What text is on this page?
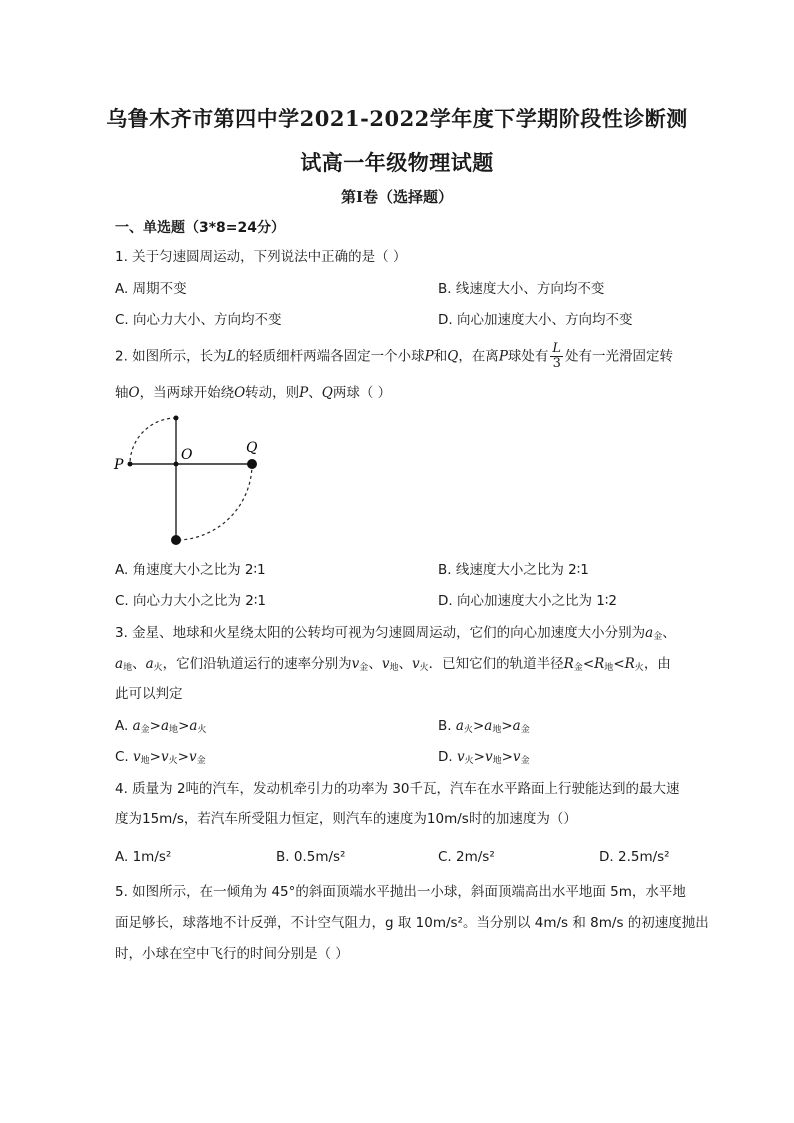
乌鲁木齐市第四中学2021-2022学年度下学期阶段性诊断测
试高一年级物理试题
第Ⅰ卷（选择题）
一、单选题（3*8=24分）
1. 关于匀速圆周运动，下列说法中正确的是（ ）
A. 周期不变	B. 线速度大小、方向均不变
C. 向心力大小、方向均不变	D. 向心加速度大小、方向均不变
2. 如图所示，长为L的轻质细杆两端各固定一个小球P和Q，在离P球处有 $\frac{L}{3}$ 处有一光滑固定转
轴O，当两球开始绕O转动，则P、Q两球（ ）
P
O	Q
A. 角速度大小之比为 2∶1	B. 线速度大小之比为 2∶1
C. 向心力大小之比为 2∶1	D. 向心加速度大小之比为 1∶2
3. 金星、地球和火星绕太阳的公转均可视为匀速圆周运动，它们的向心加速度大小分别为$a_金$、
$a_地$、$a_火$，它们沿轨道运行的速率分别为$v_金$、$v_地$、$v_火$．已知它们的轨道半径$R_金<R_地<R_火$，由
此可以判定
A. $a_金>a_地>a_火$	B. $a_火>a_地>a_金$
C. $v_地>v_火>v_金$	D. $v_火>v_地>v_金$
4. 质量为 2吨的汽车，发动机牵引力的功率为 30千瓦，汽车在水平路面上行驶能达到的最大速
度为15m/s，若汽车所受阻力恒定，则汽车的速度为10m/s时的加速度为（）
A. 1m/s²	B. 0.5m/s²	C. 2m/s²	D. 2.5m/s²
5. 如图所示，在一倾角为 45°的斜面顶端水平抛出一小球，斜面顶端高出水平地面 5m，水平地
面足够长，球落地不计反弹，不计空气阻力，g 取 10m/s²。当分别以 4m/s 和 8m/s 的初速度抛出
时，小球在空中飞行的时间分别是（ ）
